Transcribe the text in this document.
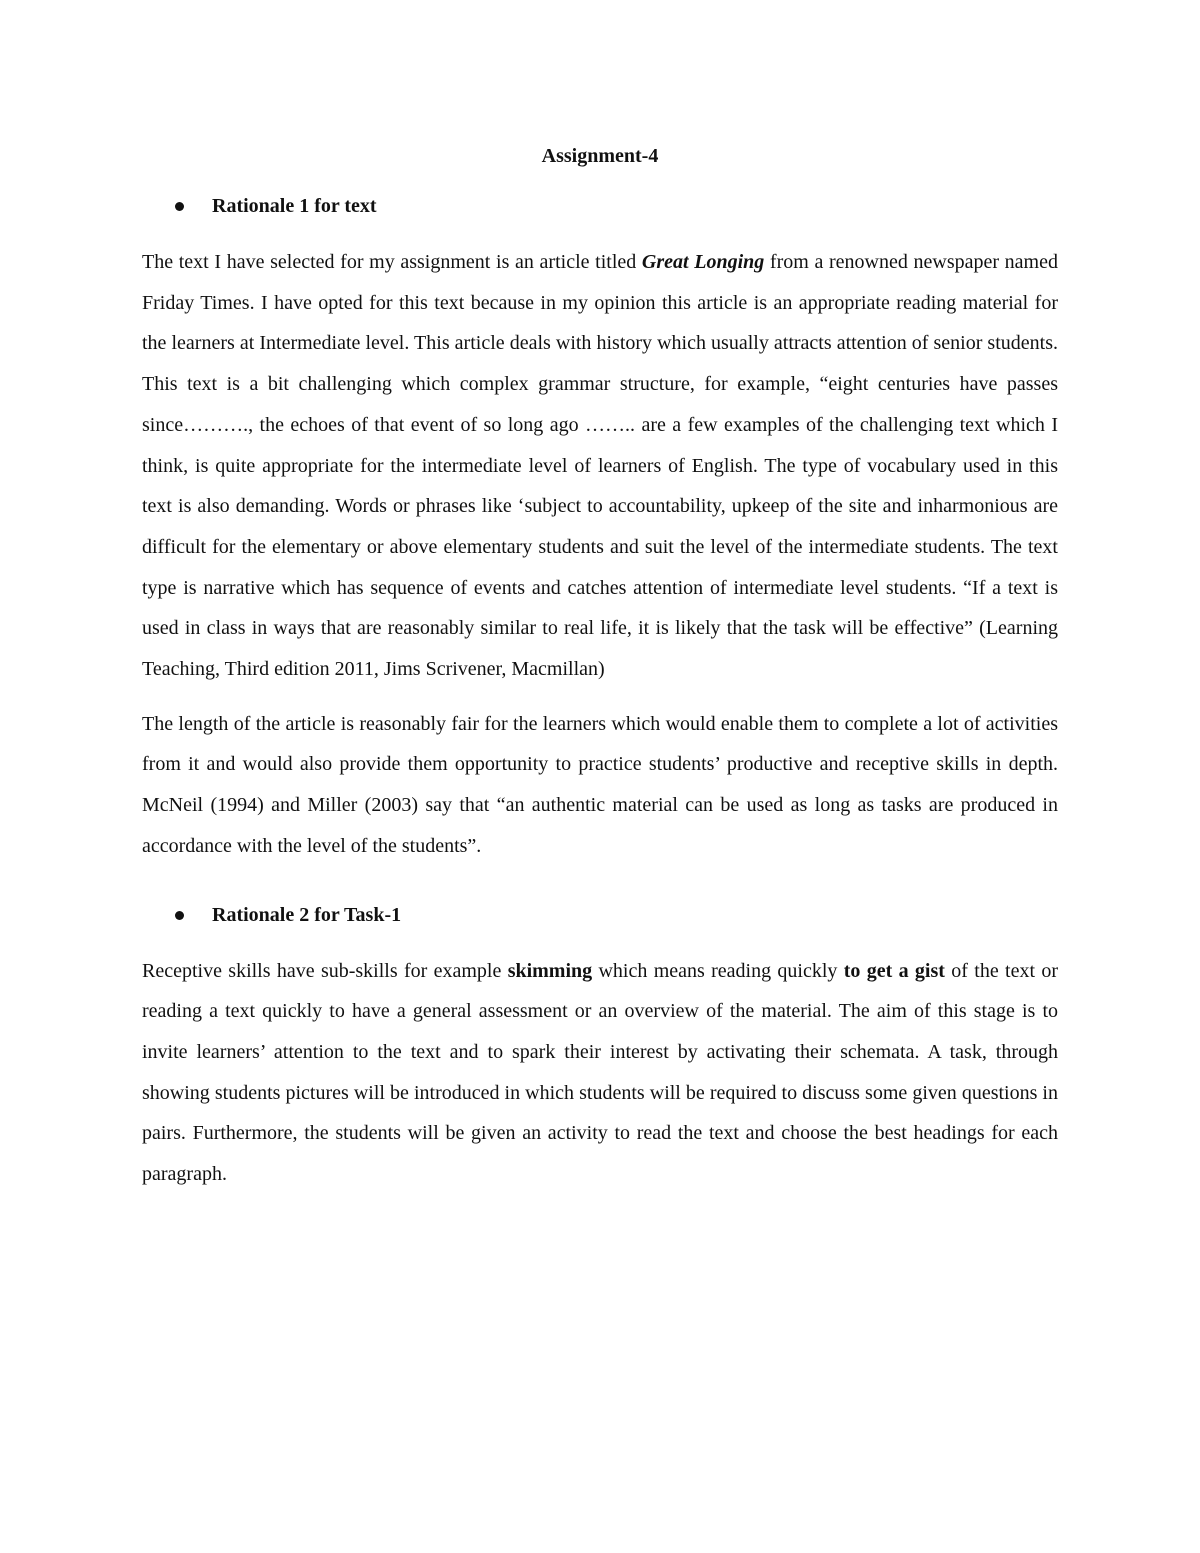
Assignment-4
Rationale 1 for text

The text I have selected for my assignment is an article titled Great Longing from a renowned newspaper named Friday Times. I have opted for this text because in my opinion this article is an appropriate reading material for the learners at Intermediate level. This article deals with history which usually attracts attention of senior students. This text is a bit challenging which complex grammar structure, for example, “eight centuries have passes since………., the echoes of that event of so long ago …….. are a few examples of the challenging text which I think, is quite appropriate for the intermediate level of learners of English. The type of vocabulary used in this text is also demanding. Words or phrases like ‘subject to accountability, upkeep of the site and inharmonious are difficult for the elementary or above elementary students and suit the level of the intermediate students. The text type is narrative which has sequence of events and catches attention of intermediate level students. “If a text is used in class in ways that are reasonably similar to real life, it is likely that the task will be effective” (Learning Teaching, Third edition 2011, Jims Scrivener, Macmillan)

The length of the article is reasonably fair for the learners which would enable them to complete a lot of activities from it and would also provide them opportunity to practice students’ productive and receptive skills in depth. McNeil (1994) and Miller (2003) say that “an authentic material can be used as long as tasks are produced in accordance with the level of the students”.

Rationale 2 for Task-1

Receptive skills have sub-skills for example skimming which means reading quickly to get a gist of the text or reading a text quickly to have a general assessment or an overview of the material. The aim of this stage is to invite learners’ attention to the text and to spark their interest by activating their schemata. A task, through showing students pictures will be introduced in which students will be required to discuss some given questions in pairs. Furthermore, the students will be given an activity to read the text and choose the best headings for each paragraph.
